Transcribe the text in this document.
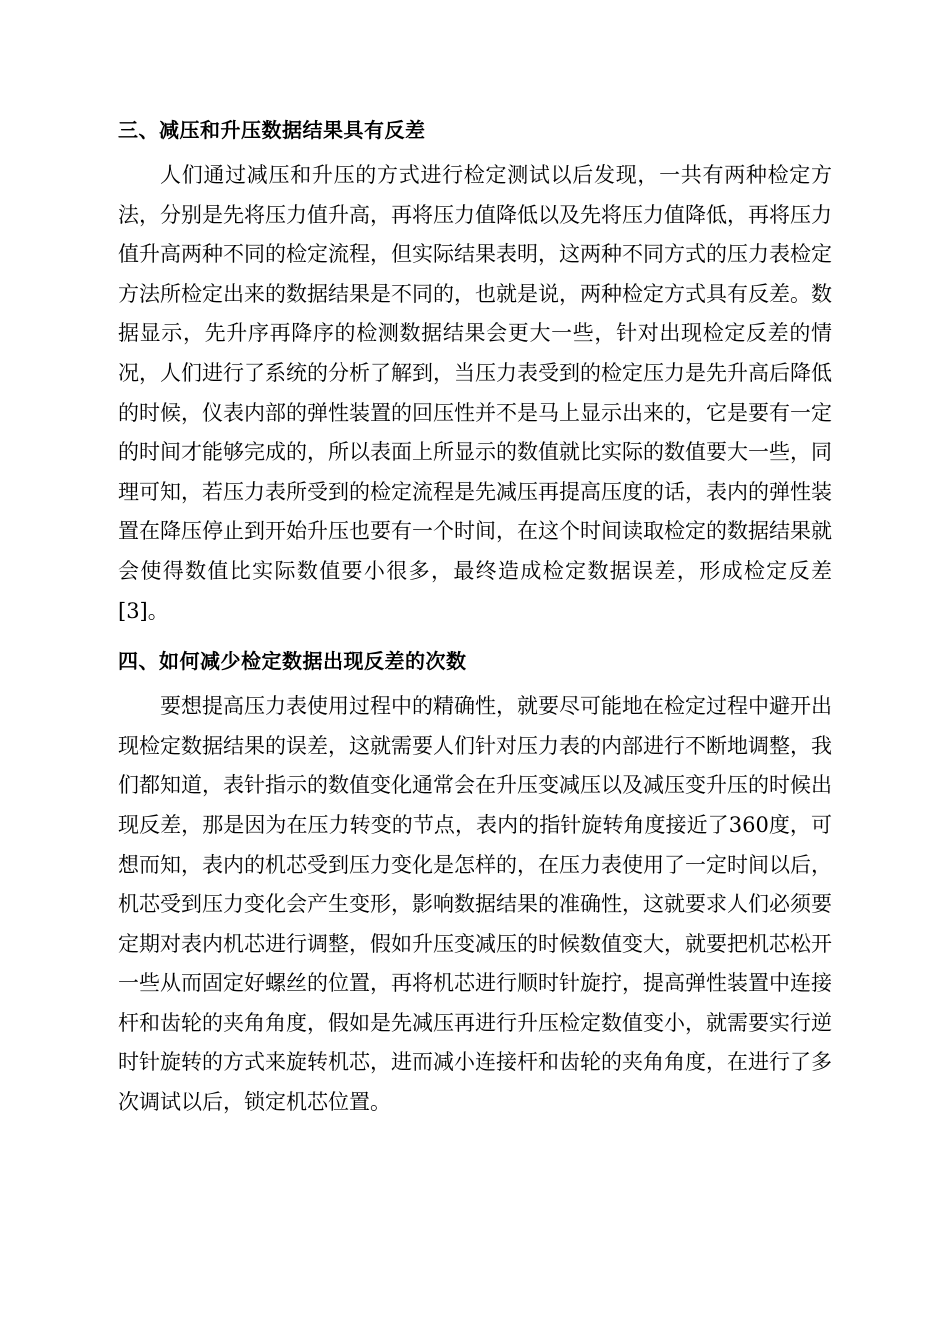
三、减压和升压数据结果具有反差

人们通过减压和升压的方式进行检定测试以后发现，一共有两种检定方法，分别是先将压力值升高，再将压力值降低以及先将压力值降低，再将压力值升高两种不同的检定流程，但实际结果表明，这两种不同方式的压力表检定方法所检定出来的数据结果是不同的，也就是说，两种检定方式具有反差。数据显示，先升序再降序的检测数据结果会更大一些，针对出现检定反差的情况，人们进行了系统的分析了解到，当压力表受到的检定压力是先升高后降低的时候，仪表内部的弹性装置的回压性并不是马上显示出来的，它是要有一定的时间才能够完成的，所以表面上所显示的数值就比实际的数值要大一些，同理可知，若压力表所受到的检定流程是先减压再提高压度的话，表内的弹性装置在降压停止到开始升压也要有一个时间，在这个时间读取检定的数据结果就会使得数值比实际数值要小很多，最终造成检定数据误差，形成检定反差[3]。

四、如何减少检定数据出现反差的次数

要想提高压力表使用过程中的精确性，就要尽可能地在检定过程中避开出现检定数据结果的误差，这就需要人们针对压力表的内部进行不断地调整，我们都知道，表针指示的数值变化通常会在升压变减压以及减压变升压的时候出现反差，那是因为在压力转变的节点，表内的指针旋转角度接近了360度，可想而知，表内的机芯受到压力变化是怎样的，在压力表使用了一定时间以后，机芯受到压力变化会产生变形，影响数据结果的准确性，这就要求人们必须要定期对表内机芯进行调整，假如升压变减压的时候数值变大，就要把机芯松开一些从而固定好螺丝的位置，再将机芯进行顺时针旋拧，提高弹性装置中连接杆和齿轮的夹角角度，假如是先减压再进行升压检定数值变小，就需要实行逆时针旋转的方式来旋转机芯，进而减小连接杆和齿轮的夹角角度，在进行了多次调试以后，锁定机芯位置。
